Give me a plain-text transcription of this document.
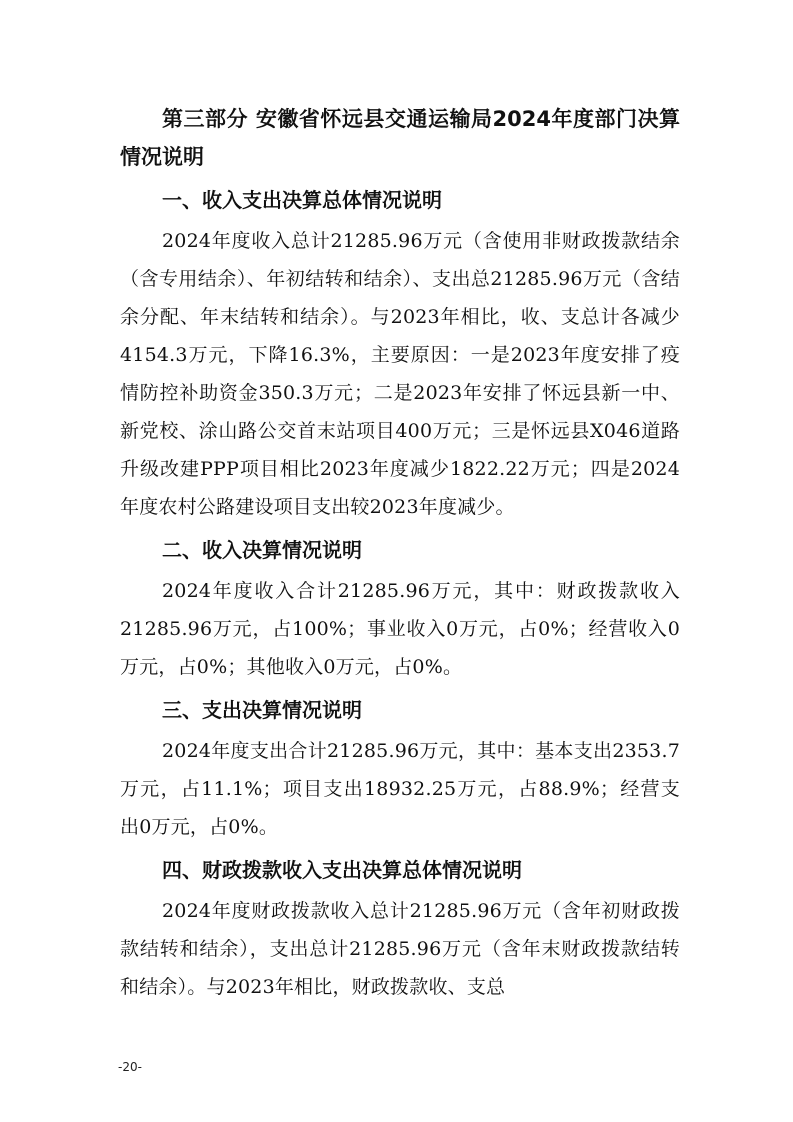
第三部分 安徽省怀远县交通运输局2024年度部门决算情况说明
一、收入支出决算总体情况说明

2024年度收入总计21285.96万元（含使用非财政拨款结余（含专用结余）、年初结转和结余）、支出总21285.96万元（含结余分配、年末结转和结余）。与2023年相比，收、支总计各减少4154.3万元，下降16.3%，主要原因：一是2023年度安排了疫情防控补助资金350.3万元；二是2023年安排了怀远县新一中、新党校、涂山路公交首末站项目400万元；三是怀远县X046道路升级改建PPP项目相比2023年度减少1822.22万元；四是2024年度农村公路建设项目支出较2023年度减少。

二、收入决算情况说明

2024年度收入合计21285.96万元，其中：财政拨款收入21285.96万元，占100%；事业收入0万元，占0%；经营收入0万元，占0%；其他收入0万元，占0%。

三、支出决算情况说明

2024年度支出合计21285.96万元，其中：基本支出2353.7万元，占11.1%；项目支出18932.25万元，占88.9%；经营支出0万元，占0%。

四、财政拨款收入支出决算总体情况说明

2024年度财政拨款收入总计21285.96万元（含年初财政拨款结转和结余），支出总计21285.96万元（含年末财政拨款结转和结余）。与2023年相比，财政拨款收、支总

-20-
